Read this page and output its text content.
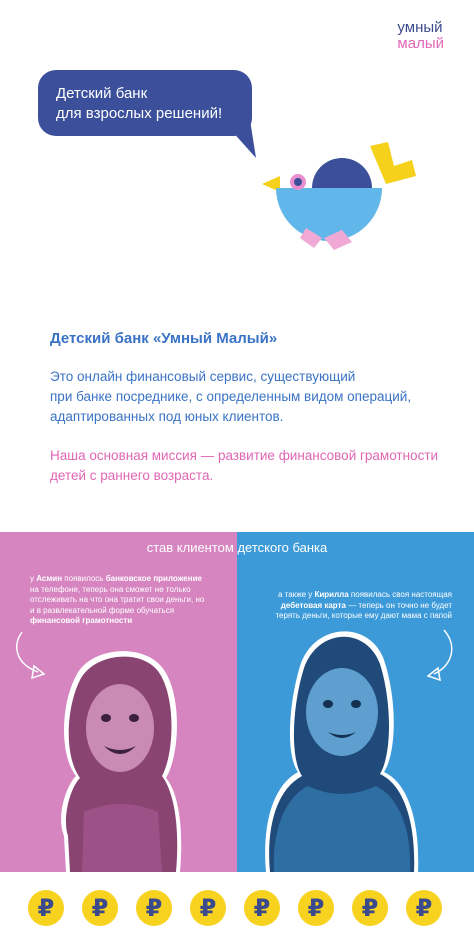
умный
малый
Детский банк
для взрослых решений!
Детский банк «Умный Малый»
Это онлайн финансовый сервис, существующий
при банке посреднике, с определенным видом операций,
адаптированных под юных клиентов.
Наша основная миссия — развитие финансовой грамотности
детей с раннего возраста.
став клиентом детского банка
у Асмин появилось банковское приложение на телефоне, теперь она сможет не только отслеживать на что она тратит свои деньги, но и в развлекательной форме обучаться финансовой грамотности
а также у Кирилла появилась своя настоящая дебетовая карта — теперь он точно не будет терять деньги, которые ему дают мама с папой
₽	₽	₽	₽	₽	₽	₽	₽
